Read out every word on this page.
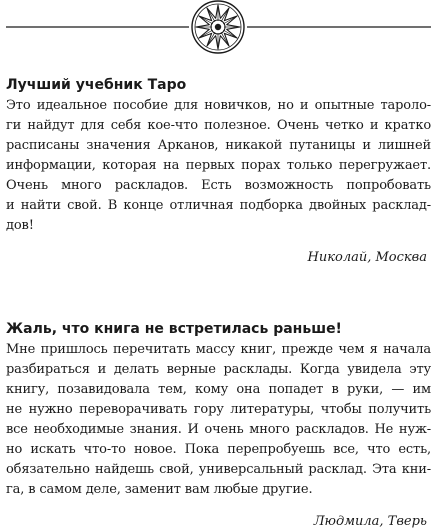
Лучший учебник Таро
Это идеальное пособие для новичков, но и опытные тароло-
ги найдут для себя кое-что полезное. Очень четко и кратко
расписаны значения Арканов, никакой путаницы и лишней
информации, которая на первых порах только перегружает.
Очень много раскладов. Есть возможность попробовать
и найти свой. В конце отличная подборка двойных расклад-
дов!
Николай, Москва
Жаль, что книга не встретилась раньше!
Мне пришлось перечитать массу книг, прежде чем я начала
разбираться и делать верные расклады. Когда увидела эту
книгу, позавидовала тем, кому она попадет в руки, — им
не нужно переворачивать гору литературы, чтобы получить
все необходимые знания. И очень много раскладов. Не нуж-
но искать что-то новое. Пока перепробуешь все, что есть,
обязательно найдешь свой, универсальный расклад. Эта кни-
га, в самом деле, заменит вам любые другие.
Людмила, Тверь
